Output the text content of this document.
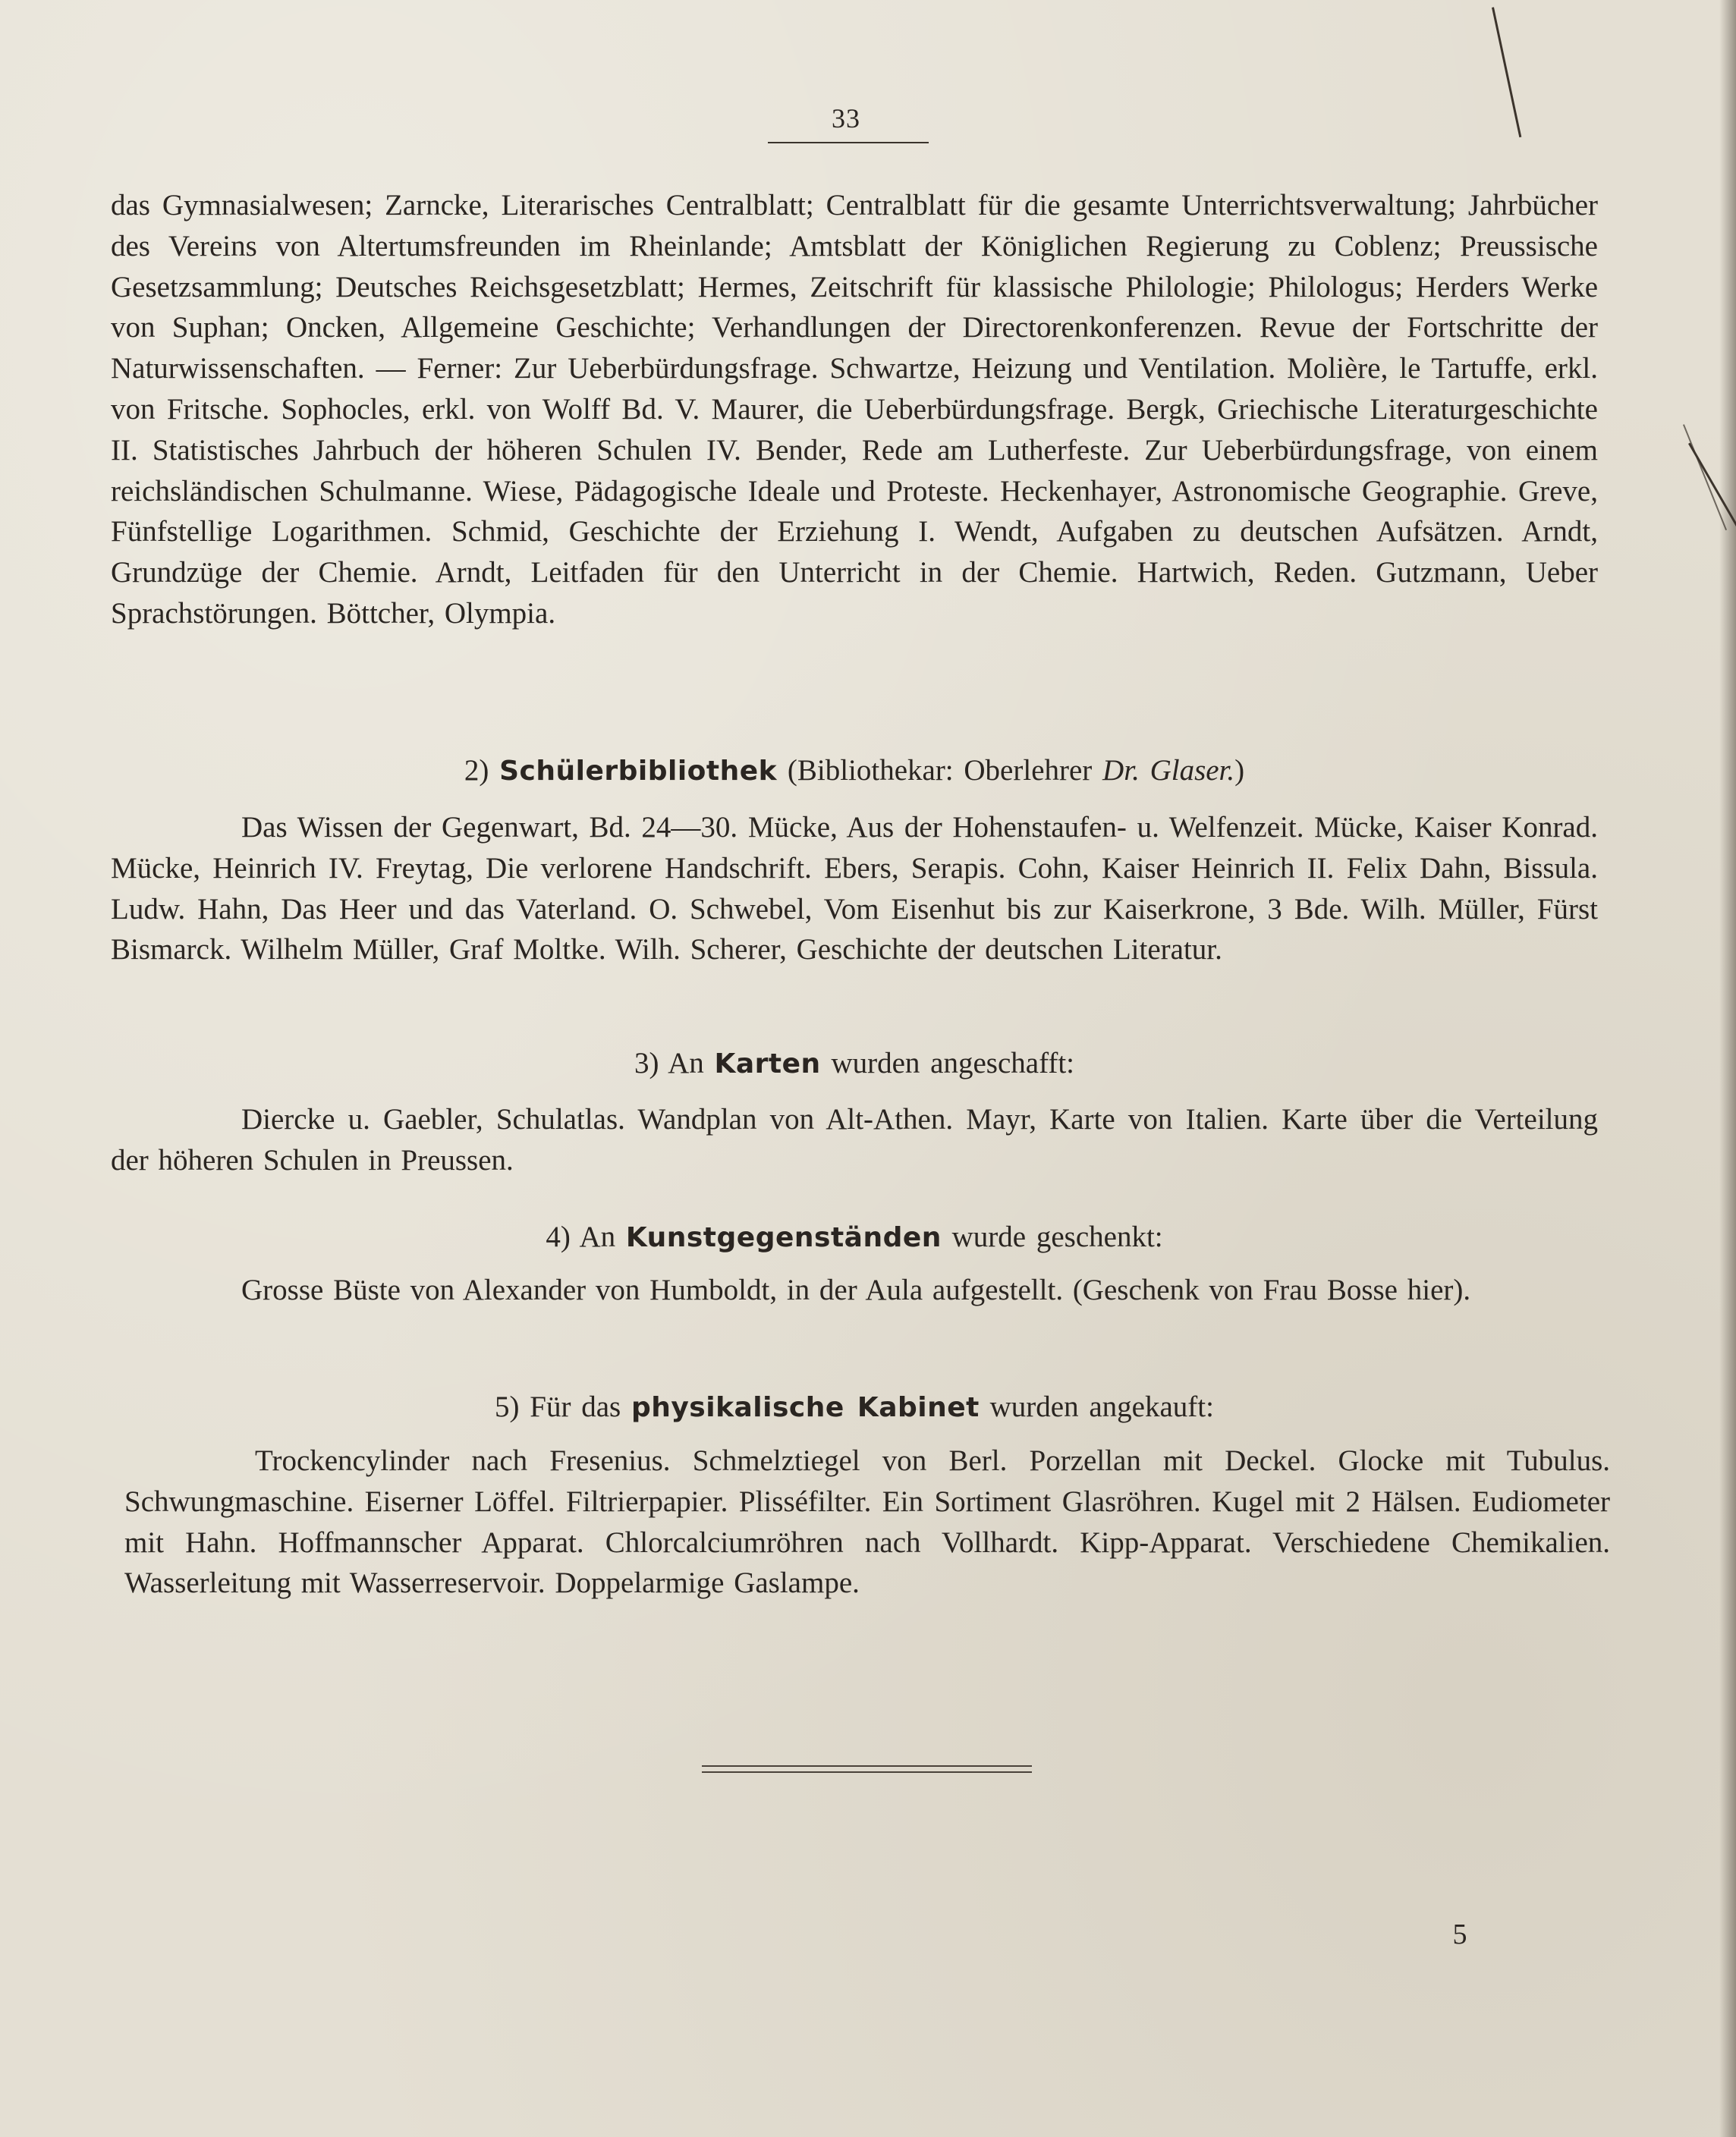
33

das Gymnasialwesen; Zarncke, Literarisches Centralblatt; Centralblatt für die gesamte Unterrichtsverwaltung; Jahrbücher des Vereins von Altertumsfreunden im Rheinlande; Amtsblatt der Königlichen Regierung zu Coblenz; Preussische Gesetzsammlung; Deutsches Reichsgesetzblatt; Hermes, Zeitschrift für klassische Philologie; Philologus; Herders Werke von Suphan; Oncken, Allgemeine Geschichte; Verhandlungen der Directorenkonferenzen. Revue der Fortschritte der Naturwissenschaften. — Ferner: Zur Ueberbürdungsfrage. Schwartze, Heizung und Ventilation. Molière, le Tartuffe, erkl. von Fritsche. Sophocles, erkl. von Wolff Bd. V. Maurer, die Ueberbürdungsfrage. Bergk, Griechische Literaturgeschichte II. Statistisches Jahrbuch der höheren Schulen IV. Bender, Rede am Lutherfeste. Zur Ueberbürdungsfrage, von einem reichsländischen Schulmanne. Wiese, Pädagogische Ideale und Proteste. Heckenhayer, Astronomische Geographie. Greve, Fünfstellige Logarithmen. Schmid, Geschichte der Erziehung I. Wendt, Aufgaben zu deutschen Aufsätzen. Arndt, Grundzüge der Chemie. Arndt, Leitfaden für den Unterricht in der Chemie. Hartwich, Reden. Gutzmann, Ueber Sprachstörungen. Böttcher, Olympia.

2) Schülerbibliothek (Bibliothekar: Oberlehrer Dr. Glaser.)

Das Wissen der Gegenwart, Bd. 24—30. Mücke, Aus der Hohenstaufen- u. Welfenzeit. Mücke, Kaiser Konrad. Mücke, Heinrich IV. Freytag, Die verlorene Handschrift. Ebers, Serapis. Cohn, Kaiser Heinrich II. Felix Dahn, Bissula. Ludw. Hahn, Das Heer und das Vaterland. O. Schwebel, Vom Eisenhut bis zur Kaiserkrone, 3 Bde. Wilh. Müller, Fürst Bismarck. Wilhelm Müller, Graf Moltke. Wilh. Scherer, Geschichte der deutschen Literatur.

3) An Karten wurden angeschafft:

Diercke u. Gaebler, Schulatlas. Wandplan von Alt-Athen. Mayr, Karte von Italien. Karte über die Verteilung der höheren Schulen in Preussen.

4) An Kunstgegenständen wurde geschenkt:

Grosse Büste von Alexander von Humboldt, in der Aula aufgestellt. (Geschenk von Frau Bosse hier).

5) Für das physikalische Kabinet wurden angekauft:

Trockencylinder nach Fresenius. Schmelztiegel von Berl. Porzellan mit Deckel. Glocke mit Tubulus. Schwungmaschine. Eiserner Löffel. Filtrierpapier. Plisséfilter. Ein Sortiment Glasröhren. Kugel mit 2 Hälsen. Eudiometer mit Hahn. Hoffmannscher Apparat. Chlorcalciumröhren nach Vollhardt. Kipp-Apparat. Verschiedene Chemikalien. Wasserleitung mit Wasserreservoir. Doppelarmige Gaslampe.

5
